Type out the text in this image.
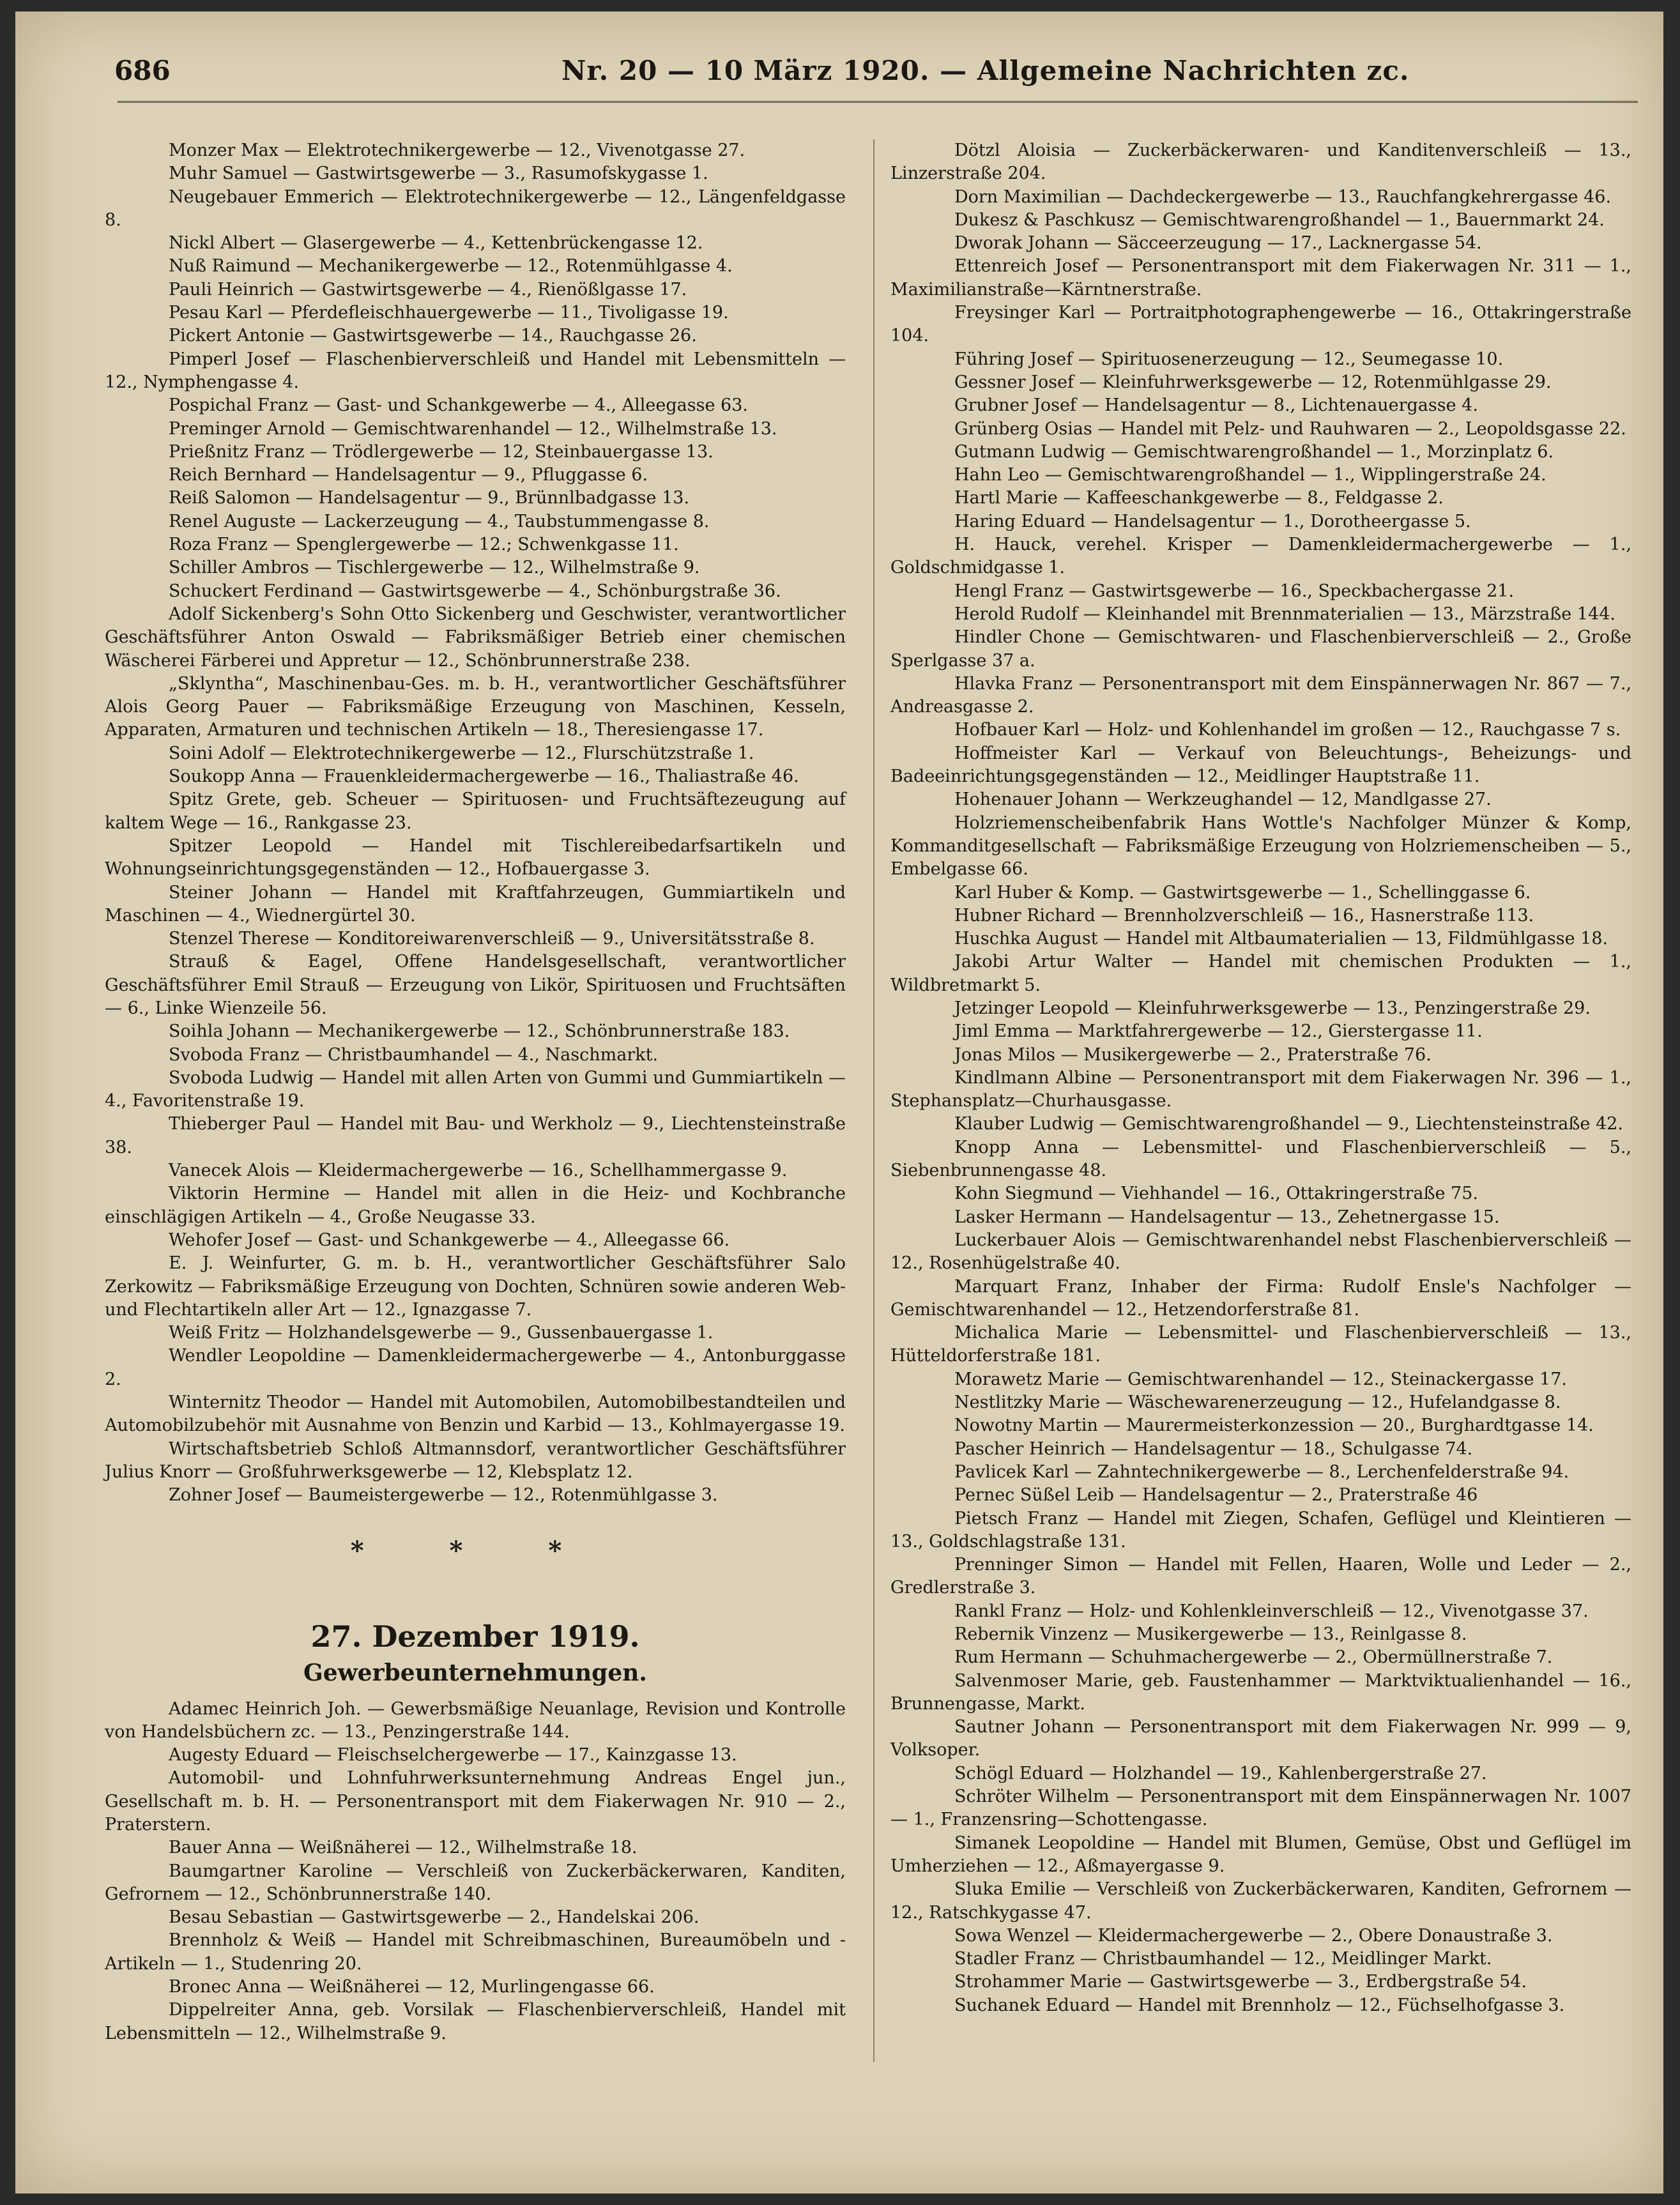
686	Nr. 20 — 10 März 1920. — Allgemeine Nachrichten zc.

Monzer Max — Elektrotechnikergewerbe — 12., Vivenotgasse 27.

Muhr Samuel — Gastwirtsgewerbe — 3., Rasumofskygasse 1.

Neugebauer Emmerich — Elektrotechnikergewerbe — 12., Längenfeldgasse 8.

Nickl Albert — Glasergewerbe — 4., Kettenbrückengasse 12.

Nuß Raimund — Mechanikergewerbe — 12., Rotenmühlgasse 4.

Pauli Heinrich — Gastwirtsgewerbe — 4., Rienößlgasse 17.

Pesau Karl — Pferdefleischhauergewerbe — 11., Tivoligasse 19.

Pickert Antonie — Gastwirtsgewerbe — 14., Rauchgasse 26.

Pimperl Josef — Flaschenbierverschleiß und Handel mit Lebensmitteln — 12., Nymphengasse 4.

Pospichal Franz — Gast- und Schankgewerbe — 4., Alleegasse 63.

Preminger Arnold — Gemischtwarenhandel — 12., Wilhelmstraße 13.

Prießnitz Franz — Trödlergewerbe — 12, Steinbauergasse 13.

Reich Bernhard — Handelsagentur — 9., Pfluggasse 6.

Reiß Salomon — Handelsagentur — 9., Brünnlbadgasse 13.

Renel Auguste — Lackerzeugung — 4., Taubstummengasse 8.

Roza Franz — Spenglergewerbe — 12.; Schwenkgasse 11.

Schiller Ambros — Tischlergewerbe — 12., Wilhelmstraße 9.

Schuckert Ferdinand — Gastwirtsgewerbe — 4., Schönburgstraße 36.

Adolf Sickenberg's Sohn Otto Sickenberg und Geschwister, verantwortlicher Geschäftsführer Anton Oswald — Fabriksmäßiger Betrieb einer chemischen Wäscherei Färberei und Appretur — 12., Schönbrunnerstraße 238.

„Sklyntha“, Maschinenbau-Ges. m. b. H., verantwortlicher Geschäftsführer Alois Georg Pauer — Fabriksmäßige Erzeugung von Maschinen, Kesseln, Apparaten, Armaturen und technischen Artikeln — 18., Theresiengasse 17.

Soini Adolf — Elektrotechnikergewerbe — 12., Flurschützstraße 1.

Soukopp Anna — Frauenkleidermachergewerbe — 16., Thaliastraße 46.

Spitz Grete, geb. Scheuer — Spirituosen- und Fruchtsäftezeugung auf kaltem Wege — 16., Rankgasse 23.

Spitzer Leopold — Handel mit Tischlereibedarfsartikeln und Wohnungseinrichtungsgegenständen — 12., Hofbauergasse 3.

Steiner Johann — Handel mit Kraftfahrzeugen, Gummiartikeln und Maschinen — 4., Wiednergürtel 30.

Stenzel Therese — Konditoreiwarenverschleiß — 9., Universitätsstraße 8.

Strauß & Eagel, Offene Handelsgesellschaft, verantwortlicher Geschäftsführer Emil Strauß — Erzeugung von Likör, Spirituosen und Fruchtsäften — 6., Linke Wienzeile 56.

Soihla Johann — Mechanikergewerbe — 12., Schönbrunnerstraße 183.

Svoboda Franz — Christbaumhandel — 4., Naschmarkt.

Svoboda Ludwig — Handel mit allen Arten von Gummi und Gummiartikeln — 4., Favoritenstraße 19.

Thieberger Paul — Handel mit Bau- und Werkholz — 9., Liechtensteinstraße 38.

Vanecek Alois — Kleidermachergewerbe — 16., Schellhammergasse 9.

Viktorin Hermine — Handel mit allen in die Heiz- und Kochbranche einschlägigen Artikeln — 4., Große Neugasse 33.

Wehofer Josef — Gast- und Schankgewerbe — 4., Alleegasse 66.

E. J. Weinfurter, G. m. b. H., verantwortlicher Geschäftsführer Salo Zerkowitz — Fabriksmäßige Erzeugung von Dochten, Schnüren sowie anderen Web- und Flechtartikeln aller Art — 12., Ignazgasse 7.

Weiß Fritz — Holzhandelsgewerbe — 9., Gussenbauergasse 1.

Wendler Leopoldine — Damenkleidermachergewerbe — 4., Antonburggasse 2.

Winternitz Theodor — Handel mit Automobilen, Automobilbestandteilen und Automobilzubehör mit Ausnahme von Benzin und Karbid — 13., Kohlmayergasse 19.

Wirtschaftsbetrieb Schloß Altmannsdorf, verantwortlicher Geschäftsführer Julius Knorr — Großfuhrwerksgewerbe — 12, Klebsplatz 12.

Zohner Josef — Baumeistergewerbe — 12., Rotenmühlgasse 3.

* * *
27. Dezember 1919.
Gewerbeunternehmungen.

Adamec Heinrich Joh. — Gewerbsmäßige Neuanlage, Revision und Kontrolle von Handelsbüchern zc. — 13., Penzingerstraße 144.

Augesty Eduard — Fleischselchergewerbe — 17., Kainzgasse 13.

Automobil- und Lohnfuhrwerksunternehmung Andreas Engel jun., Gesellschaft m. b. H. — Personentransport mit dem Fiakerwagen Nr. 910 — 2., Praterstern.

Bauer Anna — Weißnäherei — 12., Wilhelmstraße 18.

Baumgartner Karoline — Verschleiß von Zuckerbäckerwaren, Kanditen, Gefrornem — 12., Schönbrunnerstraße 140.

Besau Sebastian — Gastwirtsgewerbe — 2., Handelskai 206.

Brennholz & Weiß — Handel mit Schreibmaschinen, Bureaumöbeln und -Artikeln — 1., Studenring 20.

Bronec Anna — Weißnäherei — 12, Murlingengasse 66.

Dippelreiter Anna, geb. Vorsilak — Flaschenbierverschleiß, Handel mit Lebensmitteln — 12., Wilhelmstraße 9.

Dötzl Aloisia — Zuckerbäckerwaren- und Kanditenverschleiß — 13., Linzerstraße 204.

Dorn Maximilian — Dachdeckergewerbe — 13., Rauchfangkehrergasse 46.

Dukesz & Paschkusz — Gemischtwarengroßhandel — 1., Bauernmarkt 24.

Dworak Johann — Säcceerzeugung — 17., Lacknergasse 54.

Ettenreich Josef — Personentransport mit dem Fiakerwagen Nr. 311 — 1., Maximilianstraße—Kärntnerstraße.

Freysinger Karl — Portraitphotographengewerbe — 16., Ottakringerstraße 104.

Führing Josef — Spirituosenerzeugung — 12., Seumegasse 10.

Gessner Josef — Kleinfuhrwerksgewerbe — 12, Rotenmühlgasse 29.

Grubner Josef — Handelsagentur — 8., Lichtenauergasse 4.

Grünberg Osias — Handel mit Pelz- und Rauhwaren — 2., Leopoldsgasse 22.

Gutmann Ludwig — Gemischtwarengroßhandel — 1., Morzinplatz 6.

Hahn Leo — Gemischtwarengroßhandel — 1., Wipplingerstraße 24.

Hartl Marie — Kaffeeschankgewerbe — 8., Feldgasse 2.

Haring Eduard — Handelsagentur — 1., Dorotheergasse 5.

H. Hauck, verehel. Krisper — Damenkleidermachergewerbe — 1., Goldschmidgasse 1.

Hengl Franz — Gastwirtsgewerbe — 16., Speckbachergasse 21.

Herold Rudolf — Kleinhandel mit Brennmaterialien — 13., Märzstraße 144.

Hindler Chone — Gemischtwaren- und Flaschenbierverschleiß — 2., Große Sperlgasse 37 a.

Hlavka Franz — Personentransport mit dem Einspännerwagen Nr. 867 — 7., Andreasgasse 2.

Hofbauer Karl — Holz- und Kohlenhandel im großen — 12., Rauchgasse 7 s.

Hoffmeister Karl — Verkauf von Beleuchtungs-, Beheizungs- und Badeeinrichtungsgegenständen — 12., Meidlinger Hauptstraße 11.

Hohenauer Johann — Werkzeughandel — 12, Mandlgasse 27.

Holzriemenscheibenfabrik Hans Wottle's Nachfolger Münzer & Komp, Kommanditgesellschaft — Fabriksmäßige Erzeugung von Holzriemenscheiben — 5., Embelgasse 66.

Karl Huber & Komp. — Gastwirtsgewerbe — 1., Schellinggasse 6.

Hubner Richard — Brennholzverschleiß — 16., Hasnerstraße 113.

Huschka August — Handel mit Altbaumaterialien — 13, Fildmühlgasse 18.

Jakobi Artur Walter — Handel mit chemischen Produkten — 1., Wildbretmarkt 5.

Jetzinger Leopold — Kleinfuhrwerksgewerbe — 13., Penzingerstraße 29.

Jiml Emma — Marktfahrergewerbe — 12., Gierstergasse 11.

Jonas Milos — Musikergewerbe — 2., Praterstraße 76.

Kindlmann Albine — Personentransport mit dem Fiakerwagen Nr. 396 — 1., Stephansplatz—Churhausgasse.

Klauber Ludwig — Gemischtwarengroßhandel — 9., Liechtensteinstraße 42.

Knopp Anna — Lebensmittel- und Flaschenbierverschleiß — 5., Siebenbrunnengasse 48.

Kohn Siegmund — Viehhandel — 16., Ottakringerstraße 75.

Lasker Hermann — Handelsagentur — 13., Zehetnergasse 15.

Luckerbauer Alois — Gemischtwarenhandel nebst Flaschenbierverschleiß — 12., Rosenhügelstraße 40.

Marquart Franz, Inhaber der Firma: Rudolf Ensle's Nachfolger — Gemischtwarenhandel — 12., Hetzendorferstraße 81.

Michalica Marie — Lebensmittel- und Flaschenbierverschleiß — 13., Hütteldorferstraße 181.

Morawetz Marie — Gemischtwarenhandel — 12., Steinackergasse 17.

Nestlitzky Marie — Wäschewarenerzeugung — 12., Hufelandgasse 8.

Nowotny Martin — Maurermeisterkonzession — 20., Burghardtgasse 14.

Pascher Heinrich — Handelsagentur — 18., Schulgasse 74.

Pavlicek Karl — Zahntechnikergewerbe — 8., Lerchenfelderstraße 94.

Pernec Süßel Leib — Handelsagentur — 2., Praterstraße 46

Pietsch Franz — Handel mit Ziegen, Schafen, Geflügel und Kleintieren — 13., Goldschlagstraße 131.

Prenninger Simon — Handel mit Fellen, Haaren, Wolle und Leder — 2., Gredlerstraße 3.

Rankl Franz — Holz- und Kohlenkleinverschleiß — 12., Vivenotgasse 37.

Rebernik Vinzenz — Musikergewerbe — 13., Reinlgasse 8.

Rum Hermann — Schuhmachergewerbe — 2., Obermüllnerstraße 7.

Salvenmoser Marie, geb. Faustenhammer — Marktviktualienhandel — 16., Brunnengasse, Markt.

Sautner Johann — Personentransport mit dem Fiakerwagen Nr. 999 — 9, Volksoper.

Schögl Eduard — Holzhandel — 19., Kahlenbergerstraße 27.

Schröter Wilhelm — Personentransport mit dem Einspännerwagen Nr. 1007 — 1., Franzensring—Schottengasse.

Simanek Leopoldine — Handel mit Blumen, Gemüse, Obst und Geflügel im Umherziehen — 12., Aßmayergasse 9.

Sluka Emilie — Verschleiß von Zuckerbäckerwaren, Kanditen, Gefrornem — 12., Ratschkygasse 47.

Sowa Wenzel — Kleidermachergewerbe — 2., Obere Donaustraße 3.

Stadler Franz — Christbaumhandel — 12., Meidlinger Markt.

Strohammer Marie — Gastwirtsgewerbe — 3., Erdbergstraße 54.

Suchanek Eduard — Handel mit Brennholz — 12., Füchselhofgasse 3.
